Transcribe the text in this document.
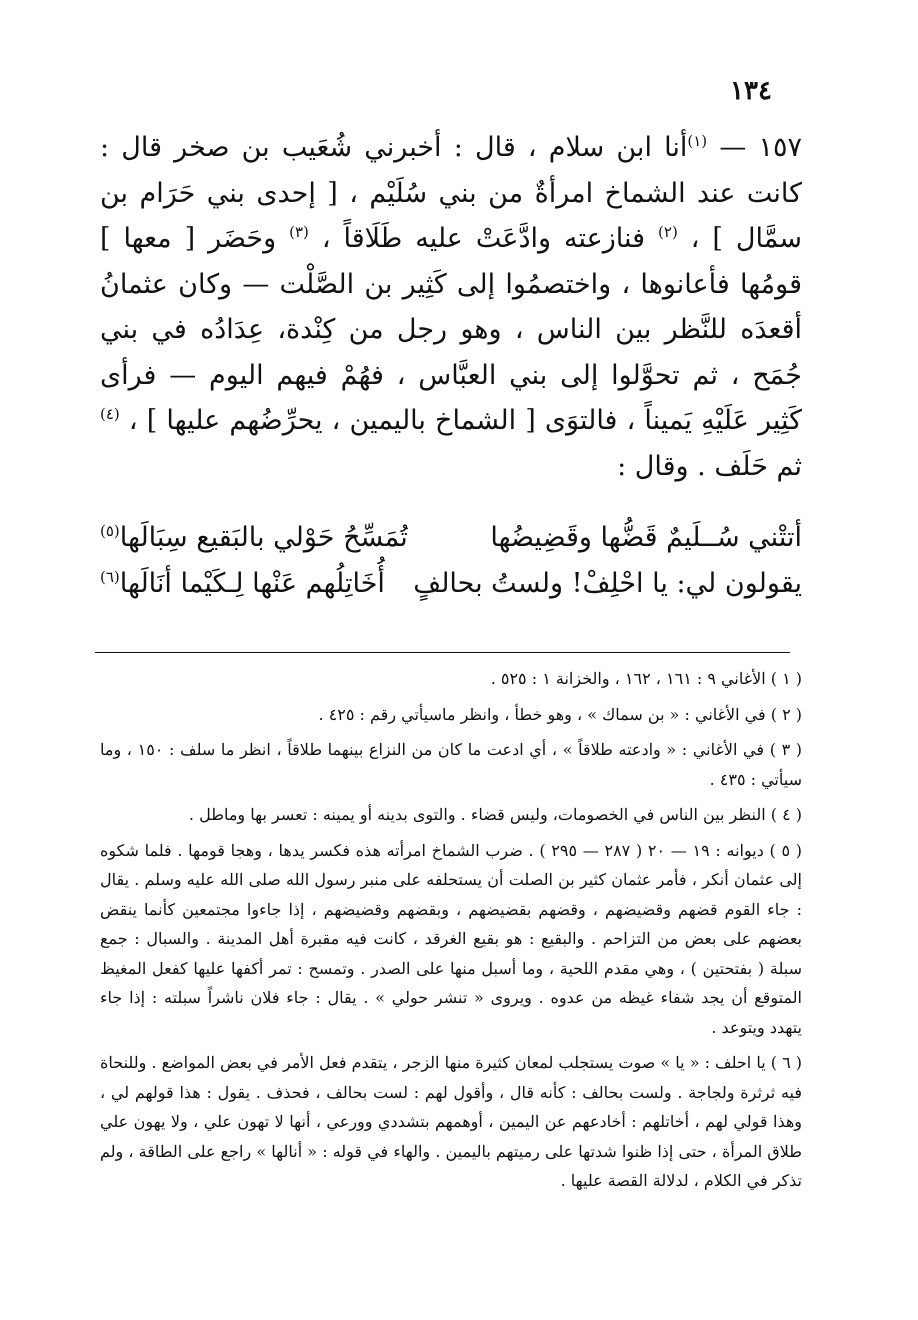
١٣٤

١٥٧ — $^{(١)}$أنا ابن سلام ، قال : أخبرني شُعَيب بن صخر قال : كانت عند الشماخ امرأةٌ من بني سُلَيْم ، [ إحدى بني حَرَام بن سمَّال ] ، $^{(٢)}$ فنازعته وادَّعَتْ عليه طَلَاقاً ، $^{(٣)}$ وحَضَر [ معها ] قومُها فأعانوها ، واختصمُوا إلى كَثِير بن الصَّلْت — وكان عثمانُ أقعدَه للنَّظر بين الناس ، وهو رجل من كِنْدة، عِدَادُه في بني جُمَح ، ثم تحوَّلوا إلى بني العبَّاس ، فهُمْ فيهم اليوم — فرأى كَثِير عَلَيْهِ يَميناً ، فالتوَى [ الشماخ باليمين ، يحرِّضُهم عليها ] ، $^{(٤)}$ ثم حَلَف . وقال :

أتتْني سُــلَيمٌ قَضُّها وقَضِيضُها
تُمَسِّحُ حَوْلي بالبَقيع سِبَالَها$^{(٥)}$
يقولون لي: يا احْلِفْ! ولستُ بحالفٍ
أُخَاتِلُهم عَنْها لِـكَيْما أنَالَها$^{(٦)}$

( ١ ) الأغاني ٩ : ١٦١ ، ١٦٢ ، والخزانة ١ : ٥٢٥ .

( ٢ ) في الأغاني : « بن سماك » ، وهو خطأ ، وانظر ماسيأتي رقم : ٤٢٥ .

( ٣ ) في الأغاني : « وادعته طلاقاً » ، أي ادعت ما كان من النزاع بينهما طلاقاً ، انظر ما سلف : ١٥٠ ، وما سيأتي : ٤٣٥ .

( ٤ ) النظر بين الناس في الخصومات، وليس قضاء . والتوى بدينه أو يمينه : تعسر بها وماطل .

( ٥ ) ديوانه : ١٩ — ٢٠ ( ٢٨٧ — ٢٩٥ ) . ضرب الشماخ امرأته هذه فكسر يدها ، وهجا قومها . فلما شكوه إلى عثمان أنكر ، فأمر عثمان كثير بن الصلت أن يستحلفه على منبر رسول الله صلى الله عليه وسلم . يقال : جاء القوم قضهم وقضيضهم ، وقضهم بقضيضهم ، وبقضهم وقضيضهم ، إذا جاءوا مجتمعين كأنما ينقض بعضهم على بعض من التزاحم . والبقيع : هو بقيع الغرقد ، كانت فيه مقبرة أهل المدينة . والسبال : جمع سبلة ( بفتحتين ) ، وهي مقدم اللحية ، وما أسبل منها على الصدر . وتمسح : تمر أكفها عليها كفعل المغيظ المتوقع أن يجد شفاء غيظه من عدوه . ويروى « تنشر حولي » . يقال : جاء فلان ناشراً سبلته : إذا جاء يتهدد ويتوعد .

( ٦ ) يا احلف : « يا » صوت يستجلب لمعان كثيرة منها الزجر ، يتقدم فعل الأمر في بعض المواضع . وللنحاة فيه ثرثرة ولجاجة . ولست بحالف : كأنه قال ، وأقول لهم : لست بحالف ، فحذف . يقول : هذا قولهم لي ، وهذا قولي لهم ، أخاتلهم : أخادعهم عن اليمين ، أوهمهم بتشددي وورعي ، أنها لا تهون علي ، ولا يهون علي طلاق المرأة ، حتى إذا ظنوا شدتها على رميتهم باليمين . والهاء في قوله : « أنالها » راجع على الطاقة ، ولم تذكر في الكلام ، لدلالة القصة عليها .
